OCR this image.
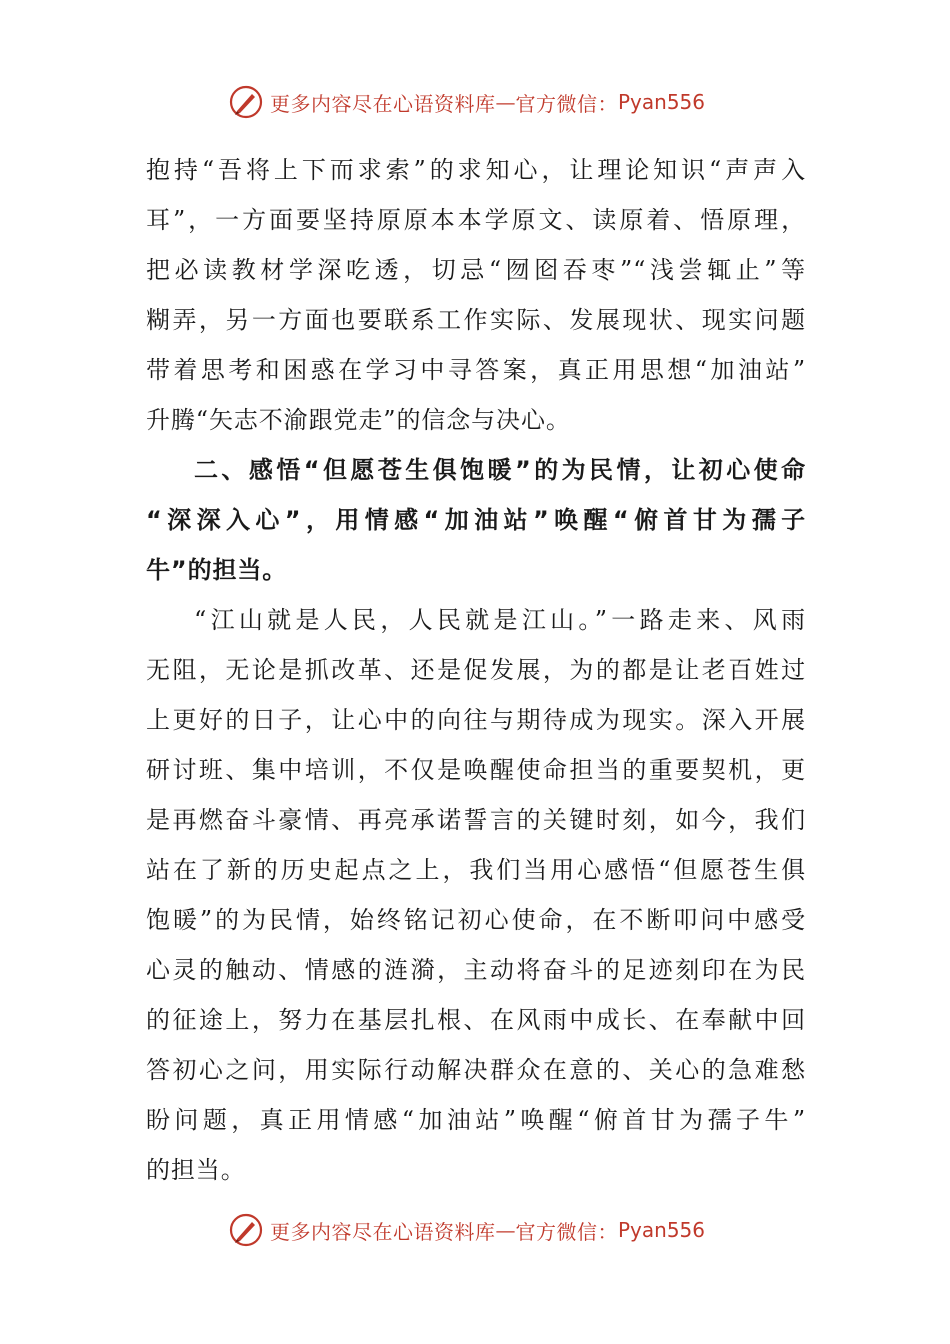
更多内容尽在心语资料库 — 官方微信： Pyan556
抱持“吾将上下而求索”的求知心，让理论知识“声声入
耳”，一方面要坚持原原本本学原文、读原着、悟原理，
把必读教材学深吃透，切忌“囫囵吞枣”“浅尝辄止”等
糊弄，另一方面也要联系工作实际、发展现状、现实问题
带着思考和困惑在学习中寻答案，真正用思想“加油站”
升腾“矢志不渝跟党走”的信念与决心。
二、感悟“但愿苍生俱饱暖”的为民情，让初心使命
“深深入心”，用情感“加油站”唤醒“俯首甘为孺子
牛”的担当。
“江山就是人民，人民就是江山。”一路走来、风雨
无阻，无论是抓改革、还是促发展，为的都是让老百姓过
上更好的日子，让心中的向往与期待成为现实。深入开展
研讨班、集中培训，不仅是唤醒使命担当的重要契机，更
是再燃奋斗豪情、再亮承诺誓言的关键时刻，如今，我们
站在了新的历史起点之上，我们当用心感悟“但愿苍生俱
饱暖”的为民情，始终铭记初心使命，在不断叩问中感受
心灵的触动、情感的涟漪，主动将奋斗的足迹刻印在为民
的征途上，努力在基层扎根、在风雨中成长、在奉献中回
答初心之问，用实际行动解决群众在意的、关心的急难愁
盼问题，真正用情感“加油站”唤醒“俯首甘为孺子牛”
的担当。
更多内容尽在心语资料库 — 官方微信： Pyan556
